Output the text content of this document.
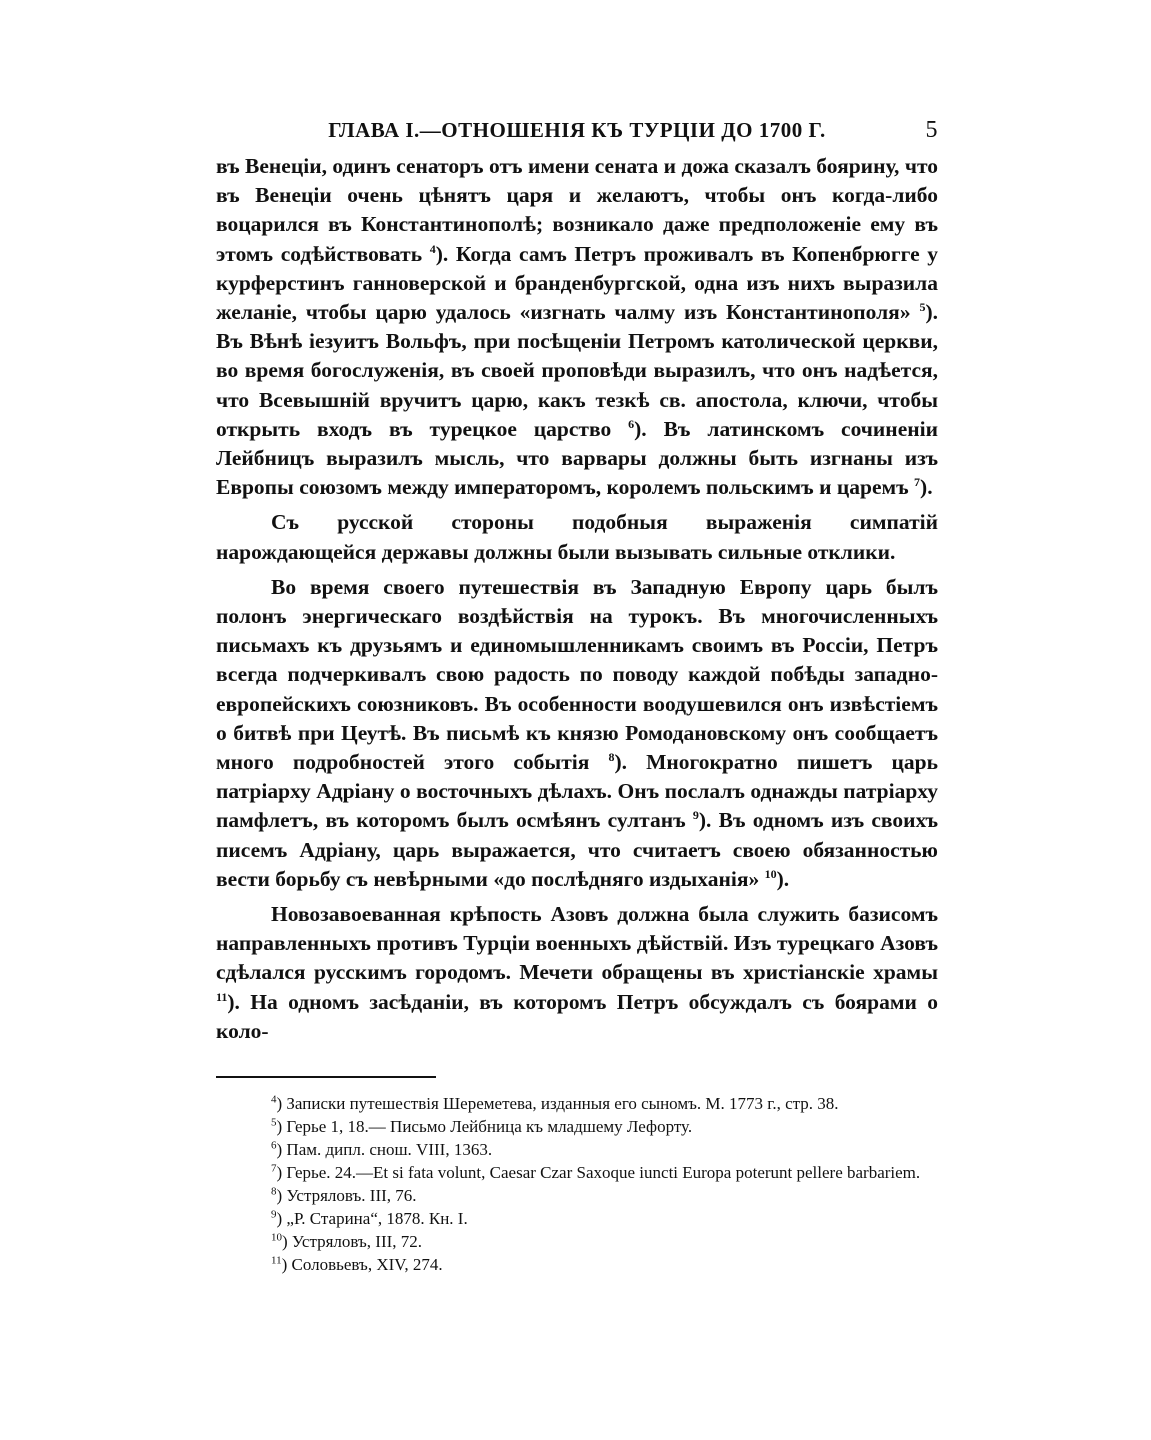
ГЛАВА I.—ОТНОШЕНІЯ КЪ ТУРЦІИ ДО 1700 Г.	5

въ Венеціи, одинъ сенаторъ отъ имени сената и дожа сказалъ боярину, что въ Венеціи очень цѣнятъ царя и желаютъ, чтобы онъ когда-либо воцарился въ Константинополѣ; возникало даже предположеніе ему въ этомъ содѣйствовать $^4$). Когда самъ Петръ проживалъ въ Копенбрюгге у курферстинъ ганноверской и бранденбургской, одна изъ нихъ выразила желаніе, чтобы царю удалось «изгнать чалму изъ Константинополя» $^5$). Въ Вѣнѣ іезуитъ Вольфъ, при посѣщеніи Петромъ католической церкви, во время богослуженія, въ своей проповѣди выразилъ, что онъ надѣется, что Всевышній вручитъ царю, какъ тезкѣ св. апостола, ключи, чтобы открыть входъ въ турецкое царство $^6$). Въ латинскомъ сочиненіи Лейбницъ выразилъ мысль, что варвары должны быть изгнаны изъ Европы союзомъ между императоромъ, королемъ польскимъ и царемъ $^7$).

Съ русской стороны подобныя выраженія симпатій нарождающейся державы должны были вызывать сильные отклики.

Во время своего путешествія въ Западную Европу царь былъ полонъ энергическаго воздѣйствія на турокъ. Въ многочисленныхъ письмахъ къ друзьямъ и единомышленникамъ своимъ въ Россіи, Петръ всегда подчеркивалъ свою радость по поводу каждой побѣды западно-европейскихъ союзниковъ. Въ особенности воодушевился онъ извѣстіемъ о битвѣ при Цеутѣ. Въ письмѣ къ князю Ромодановскому онъ сообщаетъ много подробностей этого событія $^8$). Многократно пишетъ царь патріарху Адріану о восточныхъ дѣлахъ. Онъ послалъ однажды патріарху памфлетъ, въ которомъ былъ осмѣянъ султанъ $^9$). Въ одномъ изъ своихъ писемъ Адріану, царь выражается, что считаетъ своею обязанностью вести борьбу съ невѣрными «до послѣдняго издыханія» $^{10}$).

Новозавоеванная крѣпость Азовъ должна была служить базисомъ направленныхъ противъ Турціи военныхъ дѣйствій. Изъ турецкаго Азовъ сдѣлался русскимъ городомъ. Мечети обращены въ христіанскіе храмы $^{11}$). На одномъ засѣданіи, въ которомъ Петръ обсуждалъ съ боярами о коло-

$^4$) Записки путешествія Шереметева, изданныя его сыномъ. М. 1773 г., стр. 38.

$^5$) Герье 1, 18.— Письмо Лейбница къ младшему Лефорту.

$^6$) Пам. дипл. снош. VIII, 1363.

$^7$) Герье. 24.—Et si fata volunt, Caesar Czar Saxoque iuncti Europa poterunt pellere barbariem.

$^8$) Устряловъ. III, 76.

$^9$) „Р. Старина“, 1878. Кн. I.

$^{10}$) Устряловъ, III, 72.

$^{11}$) Соловьевъ, XIV, 274.
